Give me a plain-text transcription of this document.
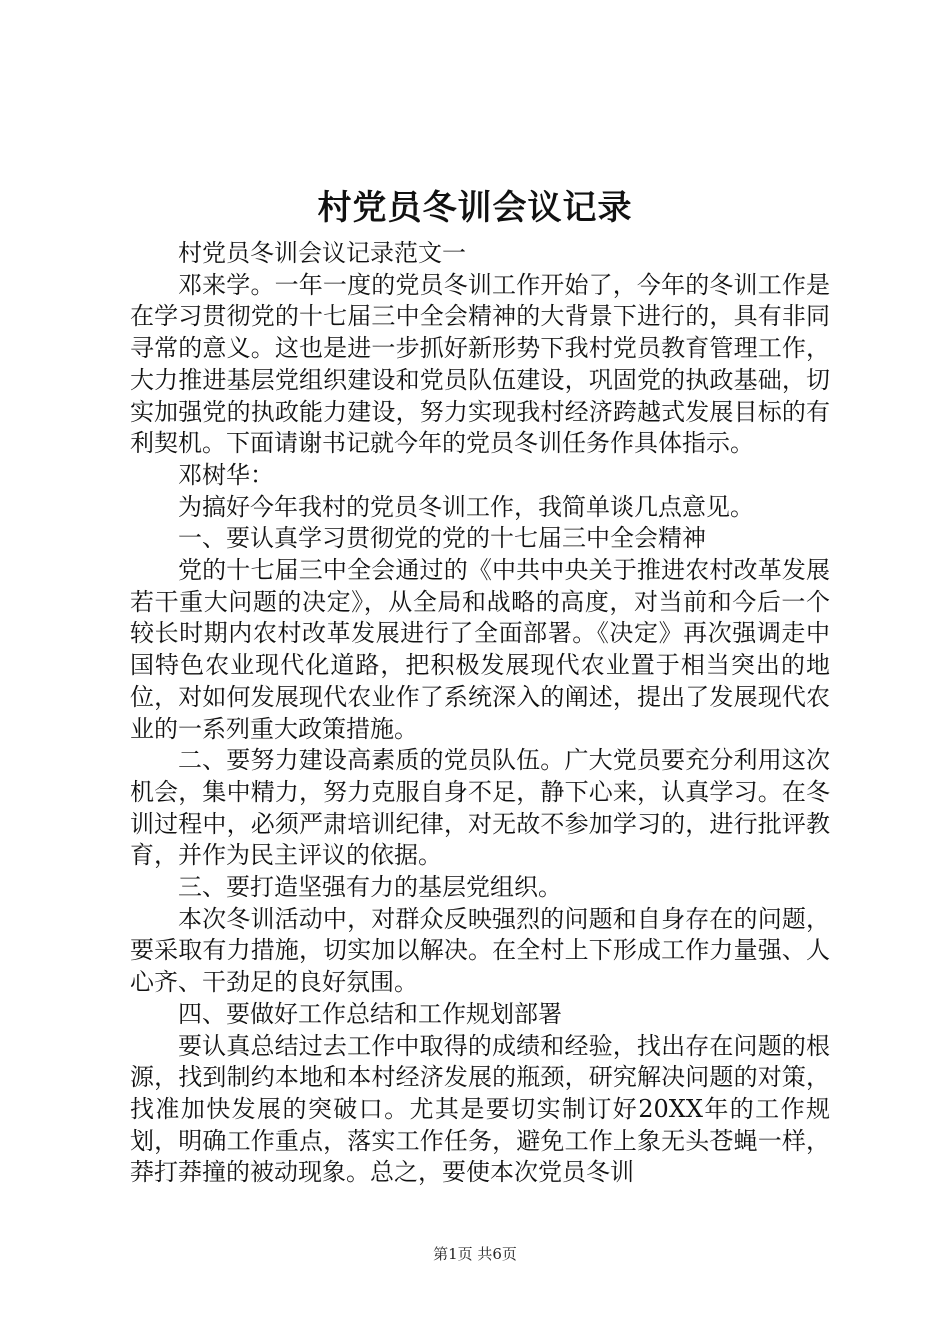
村党员冬训会议记录

村党员冬训会议记录范文一

邓来学。一年一度的党员冬训工作开始了，今年的冬训工作是在学习贯彻党的十七届三中全会精神的大背景下进行的，具有非同寻常的意义。这也是进一步抓好新形势下我村党员教育管理工作，大力推进基层党组织建设和党员队伍建设，巩固党的执政基础，切实加强党的执政能力建设，努力实现我村经济跨越式发展目标的有利契机。下面请谢书记就今年的党员冬训任务作具体指示。

邓树华：

为搞好今年我村的党员冬训工作，我简单谈几点意见。

一、要认真学习贯彻党的党的十七届三中全会精神

党的十七届三中全会通过的《中共中央关于推进农村改革发展若干重大问题的决定》，从全局和战略的高度，对当前和今后一个较长时期内农村改革发展进行了全面部署。《决定》再次强调走中国特色农业现代化道路，把积极发展现代农业置于相当突出的地位，对如何发展现代农业作了系统深入的阐述，提出了发展现代农业的一系列重大政策措施。

二、要努力建设高素质的党员队伍。广大党员要充分利用这次机会，集中精力，努力克服自身不足，静下心来，认真学习。在冬训过程中，必须严肃培训纪律，对无故不参加学习的，进行批评教育，并作为民主评议的依据。

三、要打造坚强有力的基层党组织。

本次冬训活动中，对群众反映强烈的问题和自身存在的问题，要采取有力措施，切实加以解决。在全村上下形成工作力量强、人心齐、干劲足的良好氛围。

四、要做好工作总结和工作规划部署

要认真总结过去工作中取得的成绩和经验，找出存在问题的根源，找到制约本地和本村经济发展的瓶颈，研究解决问题的对策，找准加快发展的突破口。尤其是要切实制订好20XX年的工作规划，明确工作重点，落实工作任务，避免工作上象无头苍蝇一样，莽打莽撞的被动现象。总之，要使本次党员冬训

第1页 共6页
